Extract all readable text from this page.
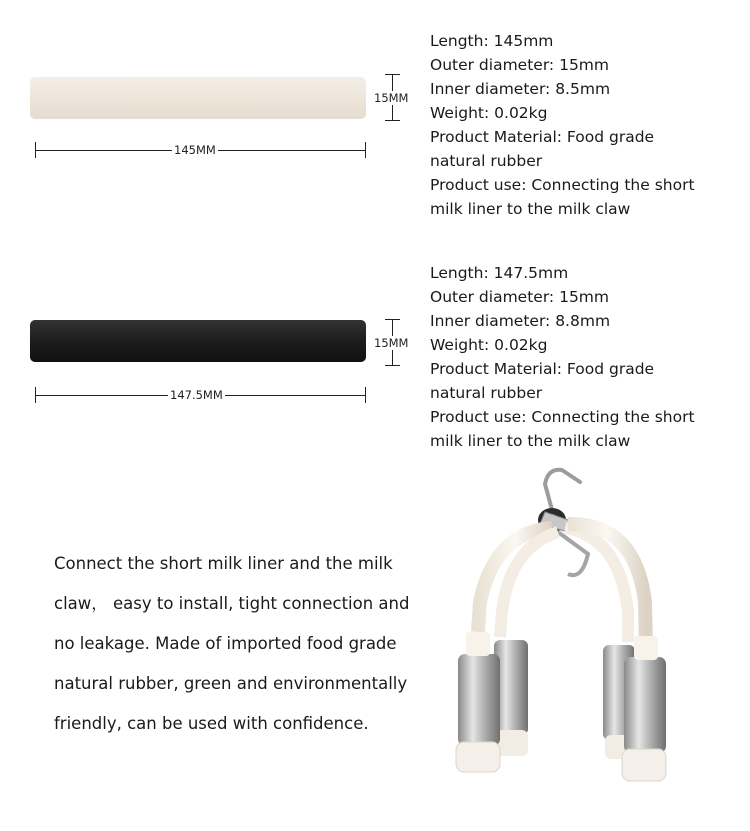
15MM
145MM
Length: 145mm
Outer diameter: 15mm
Inner diameter: 8.5mm
Weight: 0.02kg
Product Material: Food grade
natural rubber
Product use: Connecting the short
milk liner to the milk claw
15MM
147.5MM
Length: 147.5mm
Outer diameter: 15mm
Inner diameter: 8.8mm
Weight: 0.02kg
Product Material: Food grade
natural rubber
Product use: Connecting the short
milk liner to the milk claw

Connect the short milk liner and the milk

claw， easy to install, tight connection and

no leakage. Made of imported food grade

natural rubber, green and environmentally

friendly, can be used with confidence.
